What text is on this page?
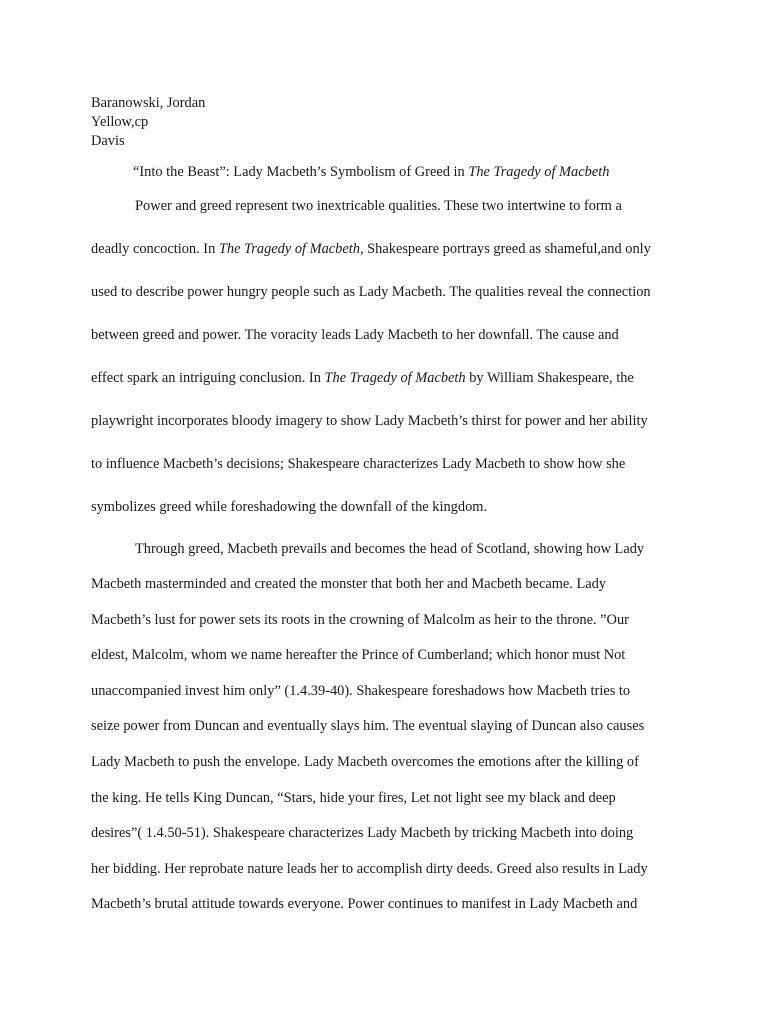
Baranowski, Jordan
Yellow,cp
Davis
“Into the Beast”: Lady Macbeth’s Symbolism of Greed in The Tragedy of Macbeth
Power and greed represent two inextricable qualities. These two intertwine to form a
deadly concoction. In The Tragedy of Macbeth, Shakespeare portrays greed as shameful,and only
used to describe power hungry people such as Lady Macbeth. The qualities reveal the connection
between greed and power. The voracity leads Lady Macbeth to her downfall. The cause and
effect spark an intriguing conclusion. In The Tragedy of Macbeth by William Shakespeare, the
playwright incorporates bloody imagery to show Lady Macbeth’s thirst for power and her ability
to influence Macbeth’s decisions; Shakespeare characterizes Lady Macbeth to show how she
symbolizes greed while foreshadowing the downfall of the kingdom.
Through greed, Macbeth prevails and becomes the head of Scotland, showing how Lady
Macbeth masterminded and created the monster that both her and Macbeth became. Lady
Macbeth’s lust for power sets its roots in the crowning of Malcolm as heir to the throne. ”Our
eldest, Malcolm, whom we name hereafter the Prince of Cumberland; which honor must Not
unaccompanied invest him only” (1.4.39-40). Shakespeare foreshadows how Macbeth tries to
seize power from Duncan and eventually slays him. The eventual slaying of Duncan also causes
Lady Macbeth to push the envelope. Lady Macbeth overcomes the emotions after the killing of
the king. He tells King Duncan, “Stars, hide your fires, Let not light see my black and deep
desires”( 1.4.50-51). Shakespeare characterizes Lady Macbeth by tricking Macbeth into doing
her bidding. Her reprobate nature leads her to accomplish dirty deeds. Greed also results in Lady
Macbeth’s brutal attitude towards everyone. Power continues to manifest in Lady Macbeth and
